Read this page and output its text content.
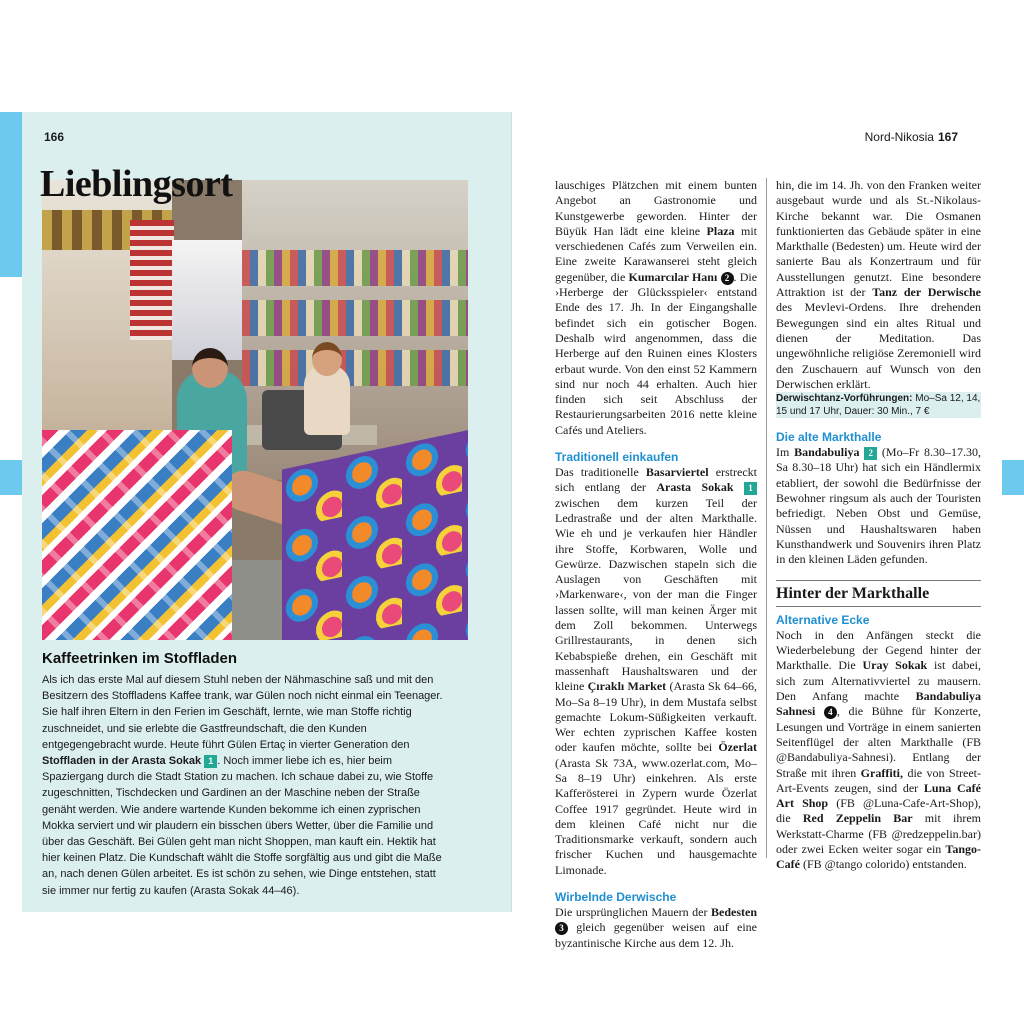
166
Lieblingsort
Kaffeetrinken im Stoffladen
Als ich das erste Mal auf diesem Stuhl neben der Nähmaschine saß und mit den Besitzern des Stoffladens Kaffee trank, war Gülen noch nicht einmal ein Teenager. Sie half ihren Eltern in den Ferien im Geschäft, lernte, wie man Stoffe richtig zuschneidet, und sie erlebte die Gastfreundschaft, die den Kunden entgegengebracht wurde. Heute führt Gülen Ertaç in vierter Generation den Stoffladen in der Arasta Sokak 1 . Noch immer liebe ich es, hier beim Spaziergang durch die Stadt Station zu machen. Ich schaue dabei zu, wie Stoffe zugeschnitten, Tischdecken und Gardinen an der Maschine neben der Straße genäht werden. Wie andere wartende Kunden bekomme ich einen zyprischen Mokka serviert und wir plaudern ein bisschen übers Wetter, über die Familie und über das Geschäft. Bei Gülen geht man nicht Shoppen, man kauft ein. Hektik hat hier keinen Platz. Die Kundschaft wählt die Stoffe sorgfältig aus und gibt die Maße an, nach denen Gülen arbeitet. Es ist schön zu sehen, wie Dinge entstehen, statt sie immer nur fertig zu kaufen (Arasta Sokak 44–46).
Nord-Nikosia 167
lauschiges Plätzchen mit einem bunten Angebot an Gastronomie und Kunstgewerbe geworden. Hinter der Büyük Han lädt eine kleine Plaza mit verschiedenen Cafés zum Verweilen ein. Eine zweite Karawanserei steht gleich gegenüber, die Kumarcılar Hanı 2 . Die ›Herberge der Glücksspieler‹ entstand Ende des 17. Jh. In der Eingangshalle befindet sich ein gotischer Bogen. Deshalb wird angenommen, dass die Herberge auf den Ruinen eines Klosters erbaut wurde. Von den einst 52 Kammern sind nur noch 44 erhalten. Auch hier finden sich seit Abschluss der Restaurierungsarbeiten 2016 nette kleine Cafés und Ateliers.
Traditionell einkaufen
Das traditionelle Basarviertel erstreckt sich entlang der Arasta Sokak 1 zwischen dem kurzen Teil der Ledrastraße und der alten Markthalle. Wie eh und je verkaufen hier Händler ihre Stoffe, Korbwaren, Wolle und Gewürze. Dazwischen stapeln sich die Auslagen von Geschäften mit ›Markenware‹, von der man die Finger lassen sollte, will man keinen Ärger mit dem Zoll bekommen. Unterwegs Grillrestaurants, in denen sich Kebabspieße drehen, ein Geschäft mit massenhaft Haushaltswaren und der kleine Çıraklı Market (Arasta Sk 64–66, Mo–Sa 8–19 Uhr), in dem Mustafa selbst gemachte Lokum-Süßigkeiten verkauft. Wer echten zyprischen Kaffee kosten oder kaufen möchte, sollte bei Özerlat (Arasta Sk 73A, www.ozerlat.com, Mo–Sa 8–19 Uhr) einkehren. Als erste Kafferösterei in Zypern wurde Özerlat Coffee 1917 gegründet. Heute wird in dem kleinen Café nicht nur die Traditionsmarke verkauft, sondern auch frischer Kuchen und hausgemachte Limonade.
Wirbelnde Derwische
Die ursprünglichen Mauern der Bedesten 3 gleich gegenüber weisen auf eine byzantinische Kirche aus dem 12. Jh.
hin, die im 14. Jh. von den Franken weiter ausgebaut wurde und als St.-Nikolaus-Kirche bekannt war. Die Osmanen funktionierten das Gebäude später in eine Markthalle (Bedesten) um. Heute wird der sanierte Bau als Konzertraum und für Ausstellungen genutzt. Eine besondere Attraktion ist der Tanz der Derwische des Mevlevi-Ordens. Ihre drehenden Bewegungen sind ein altes Ritual und dienen der Meditation. Das ungewöhnliche religiöse Zeremoniell wird den Zuschauern auf Wunsch von den Derwischen erklärt.
Derwischtanz-Vorführungen: Mo–Sa 12, 14, 15 und 17 Uhr, Dauer: 30 Min., 7 €
Die alte Markthalle
Im Bandabuliya 2 (Mo–Fr 8.30–17.30, Sa 8.30–18 Uhr) hat sich ein Händlermix etabliert, der sowohl die Bedürfnisse der Bewohner ringsum als auch der Touristen befriedigt. Neben Obst und Gemüse, Nüssen und Haushaltswaren haben Kunsthandwerk und Souvenirs ihren Platz in den kleinen Läden gefunden.
Hinter der Markthalle
Alternative Ecke
Noch in den Anfängen steckt die Wiederbelebung der Gegend hinter der Markthalle. Die Uray Sokak ist dabei, sich zum Alternativviertel zu mausern. Den Anfang machte Bandabuliya Sahnesi 4 , die Bühne für Konzerte, Lesungen und Vorträge in einem sanierten Seitenflügel der alten Markthalle (FB @Bandabuliya-Sahnesi). Entlang der Straße mit ihren Graffiti, die von Street-Art-Events zeugen, sind der Luna Café Art Shop (FB @Luna-Cafe-Art-Shop), die Red Zeppelin Bar mit ihrem Werkstatt-Charme (FB @redzeppelin.bar) oder zwei Ecken weiter sogar ein Tango-Café (FB @tango colorido) entstanden.
